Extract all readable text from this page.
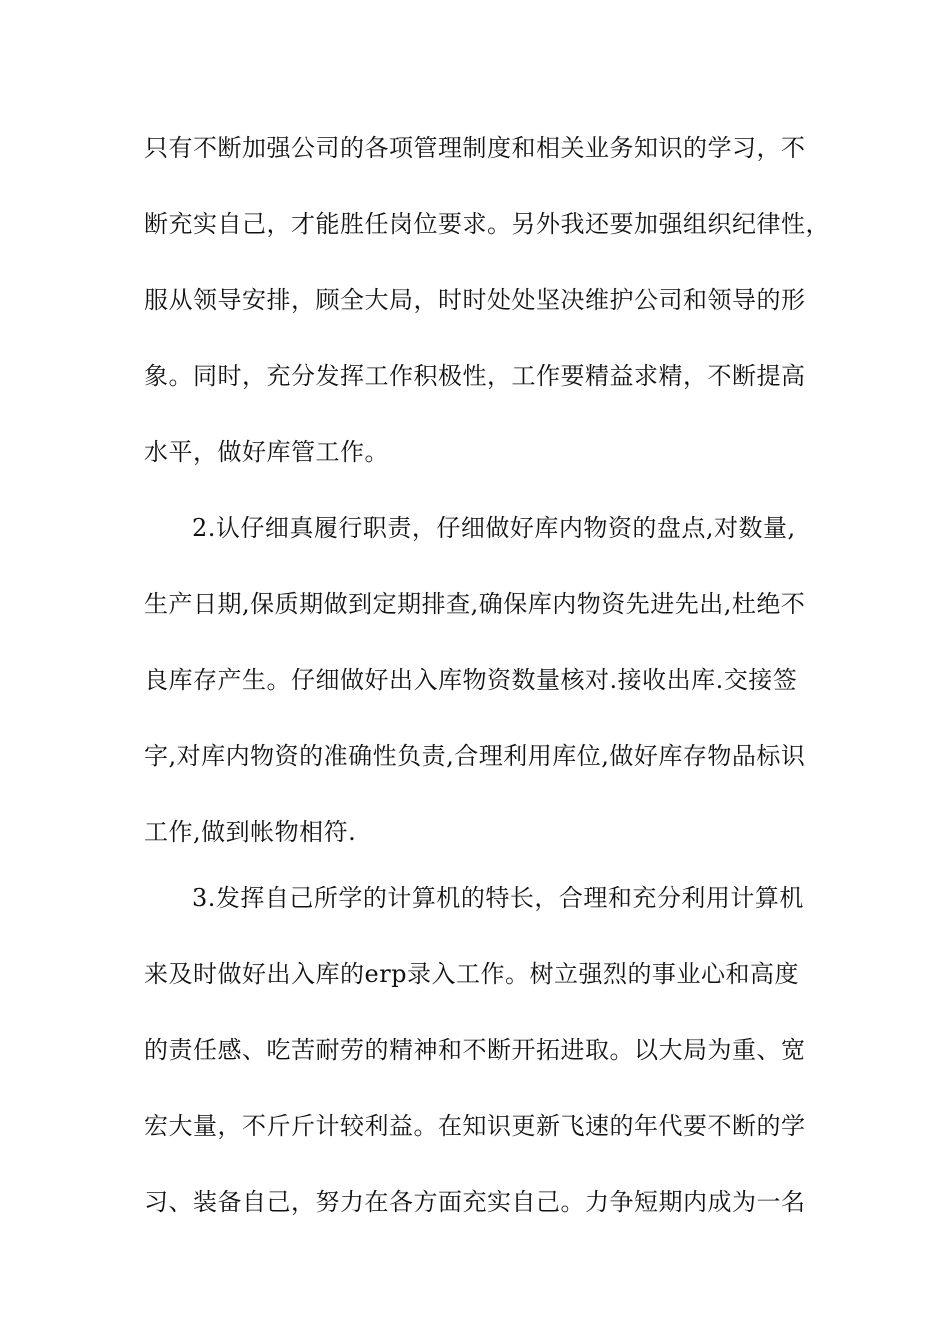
只有不断加强公司的各项管理制度和相关业务知识的学习，不
断充实自己，才能胜任岗位要求。另外我还要加强组织纪律性，
服从领导安排，顾全大局，时时处处坚决维护公司和领导的形
象。同时，充分发挥工作积极性，工作要精益求精，不断提高
水平，做好库管工作。
2.认仔细真履行职责，仔细做好库内物资的盘点,对数量,
生产日期,保质期做到定期排查,确保库内物资先进先出,杜绝不
良库存产生。仔细做好出入库物资数量核对.接收出库.交接签
字,对库内物资的准确性负责,合理利用库位,做好库存物品标识
工作,做到帐物相符.
3.发挥自己所学的计算机的特长，合理和充分利用计算机
来及时做好出入库的erp录入工作。树立强烈的事业心和高度
的责任感、吃苦耐劳的精神和不断开拓进取。以大局为重、宽
宏大量，不斤斤计较利益。在知识更新飞速的年代要不断的学
习、装备自己，努力在各方面充实自己。力争短期内成为一名
